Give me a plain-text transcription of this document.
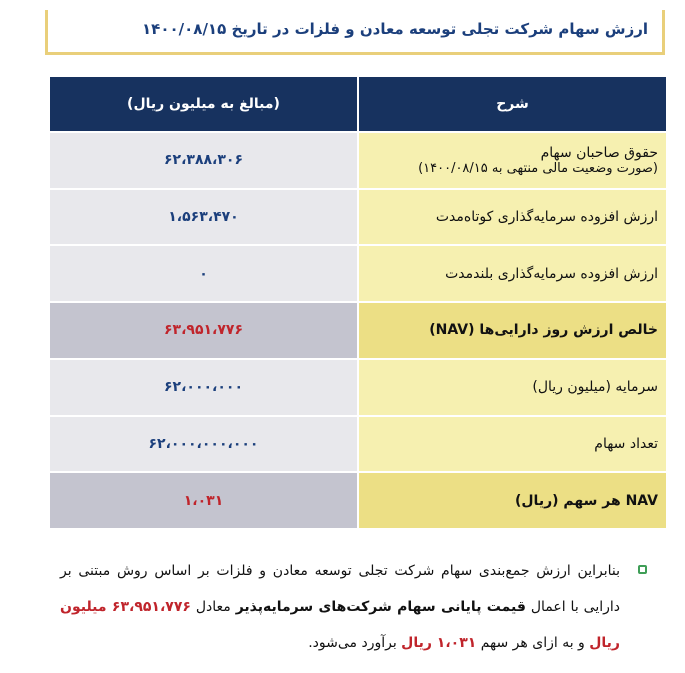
ارزش سهام شرکت تجلی توسعه معادن و فلزات در تاریخ ۱۴۰۰/۰۸/۱۵
شرح	(مبالغ به میلیون ریال)
حقوق صاحبان سهام
(صورت وضعیت مالی منتهی به ۱۴۰۰/۰۸/۱۵)	۶۲،۳۸۸،۳۰۶
ارزش افزوده سرمایه‌گذاری کوتاه‌مدت	۱،۵۶۳،۴۷۰
ارزش افزوده سرمایه‌گذاری بلندمدت	۰
خالص ارزش روز دارایی‌ها (NAV)	۶۳،۹۵۱،۷۷۶
سرمایه (میلیون ریال)	۶۲،۰۰۰،۰۰۰
تعداد سهام	۶۲،۰۰۰،۰۰۰،۰۰۰
NAV هر سهم (ریال)	۱،۰۳۱
بنابراین ارزش جمع‌بندی سهام شرکت تجلی توسعه معادن و فلزات بر اساس روش مبتنی بر دارایی با اعمال قیمت پایانی سهام شرکت‌های سرمایه‌پذیر معادل ۶۳،۹۵۱،۷۷۶ میلیون ریال و به ازای هر سهم ۱،۰۳۱ ریال برآورد می‌شود.
